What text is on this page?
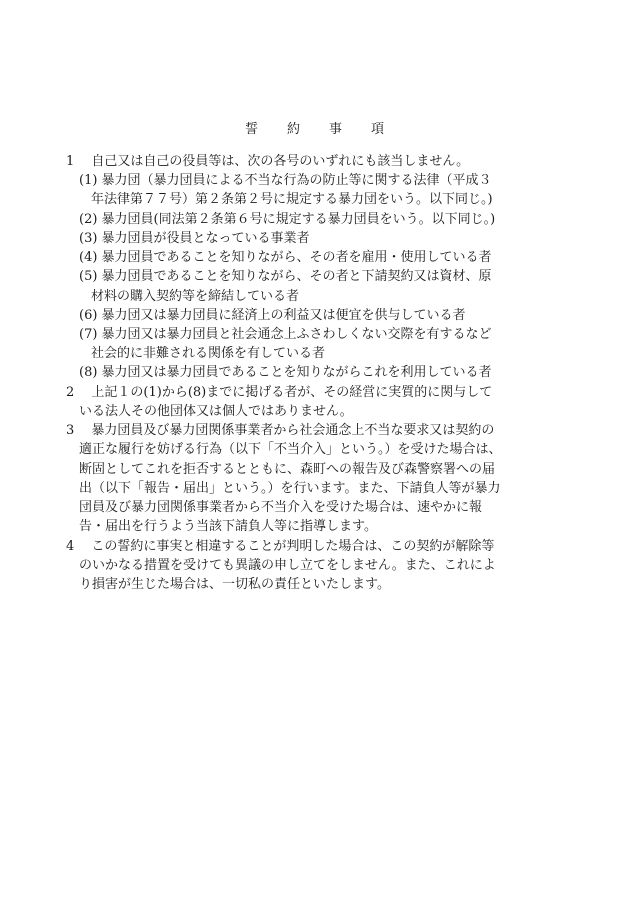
誓　　約　　事　　項
1　 自己又は自己の役員等は、次の各号のいずれにも該当しません。
(1) 暴力団（暴力団員による不当な行為の防止等に関する法律（平成３
年法律第７７号）第２条第２号に規定する暴力団をいう。以下同じ。)
(2) 暴力団員(同法第２条第６号に規定する暴力団員をいう。以下同じ。)
(3) 暴力団員が役員となっている事業者
(4) 暴力団員であることを知りながら、その者を雇用・使用している者
(5) 暴力団員であることを知りながら、その者と下請契約又は資材、原
材料の購入契約等を締結している者
(6) 暴力団又は暴力団員に経済上の利益又は便宜を供与している者
(7) 暴力団又は暴力団員と社会通念上ふさわしくない交際を有するなど
社会的に非難される関係を有している者
(8) 暴力団又は暴力団員であることを知りながらこれを利用している者
2　 上記１の(1)から(8)までに掲げる者が、その経営に実質的に関与して
いる法人その他団体又は個人ではありません。
3　 暴力団員及び暴力団関係事業者から社会通念上不当な要求又は契約の
適正な履行を妨げる行為（以下「不当介入」という。）を受けた場合は、
断固としてこれを拒否するとともに、森町への報告及び森警察署への届
出（以下「報告・届出」という。）を行います。また、下請負人等が暴力
団員及び暴力団関係事業者から不当介入を受けた場合は、速やかに報
告・届出を行うよう当該下請負人等に指導します。
4　 この誓約に事実と相違することが判明した場合は、この契約が解除等
のいかなる措置を受けても異議の申し立てをしません。また、これによ
り損害が生じた場合は、一切私の責任といたします。
